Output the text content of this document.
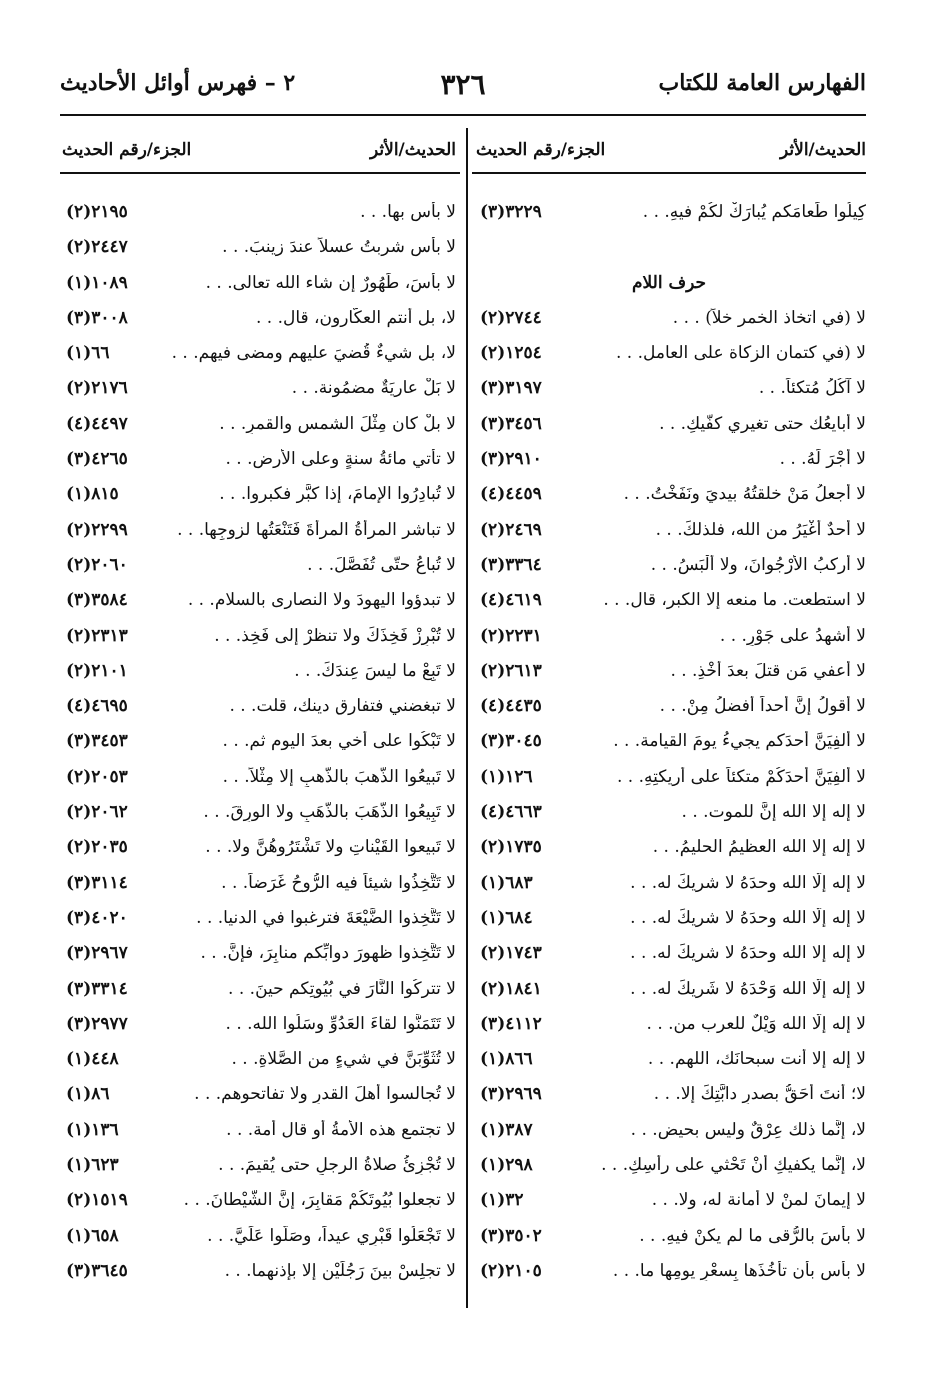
الفهارس العامة للكتاب
٣٢٦
٢ – فهرس أوائل الأحاديث
الحديث/الأثر
الجزء/رقم الحديث
كِيلُوا طَعامَكم يُبارَكْ لكُمْ فيهِ. . .
(٣)٣٢٢٩
حرف اللام
لا (في اتخاذ الخمر خلاً) . . .
(٢)٢٧٤٤
لا (في كتمان الزكاة على العامل. . .
(٢)١٢٥٤
لا آكُلُ مُتكئاً. . .
(٣)٣١٩٧
لا أُبايعُك حتى تغيري كفَّيكِ. . .
(٣)٣٤٥٦
لا أجْرَ لَهُ. . .
(٣)٢٩١٠
لا أجعلُ مَنْ خلقتُهُ بيديَ ونَفَخْتُ. . .
(٤)٤٤٥٩
لا أحدٌ أغْيَرُ من الله، فلذلكَ. . .
(٢)٢٤٦٩
لا أركبُ الأُرْجُوانَ، ولا أَلْبَسُ. . .
(٣)٣٣٦٤
لا استطعت. ما منعه إلا الكبر، قال. . .
(٤)٤٦١٩
لا أشهدُ على جَوْرٍ. . .
(٢)٢٢٣١
لا أُعفي مَن قتلَ بعدَ أخْذِ. . .
(٢)٢٦١٣
لا أقولُ إنَّ أحداً أفضلُ مِنْ. . .
(٤)٤٤٣٥
لا أُلفِيَنَّ أحدَكم يجيءُ يومَ القيامة. . .
(٣)٣٠٤٥
لا أُلفِيَنَّ أحدَكُمْ متكئاً على أريكتِهِ. . .
(١)١٢٦
لا إله إلا الله إنَّ للموت. . .
(٤)٤٦٦٣
لا إله إلا الله العظيمُ الحليمُ. . .
(٢)١٧٣٥
لا إله إلَّا الله وحدَهُ لا شريكَ له. . .
(١)٦٨٣
لا إله إلَّا الله وحدَهُ لا شريكَ له. . .
(١)٦٨٤
لا إله إلا الله وحدَهُ لا شريكَ له. . .
(٢)١٧٤٣
لا إله إلَّا الله وَحْدَهُ لا شَريكَ له. . .
(٢)١٨٤١
لا إله إلَّا الله وَيْلٌ للعرب من. . .
(٣)٤١١٢
لا إله إلا أنت سبحانَك، اللهم. . .
(١)٨٦٦
لا؛ أنتَ أحَقُّ بصدرِ دابَّتِكَ إلا. . .
(٣)٢٩٦٩
لا، إنَّما ذلك عِرْقٌ وليس بحيض. . .
(١)٣٨٧
لا، إنَّما يكفيكِ أنْ تَحْثي على رأسِكِ. . .
(١)٢٩٨
لا إيمانَ لمنْ لا أمانة له، ولا. . .
(١)٣٢
لا بأسَ بالرُّقى ما لم يكنْ فيهِ. . .
(٣)٣٥٠٢
لا بأس بأن تأخُذَها بِسعْرِ يومِها ما. . .
(٢)٢١٠٥
الحديث/الأثر
الجزء/رقم الحديث
لا بأس بها. . .
(٢)٢١٩٥
لا بأس شربتُ عسلاً عندَ زينبَ. . .
(٢)٢٤٤٧
لا بأسَ، طَهُورٌ إن شاء الله تعالى. . .
(١)١٠٨٩
لا، بل أنتم العكّارون، قال. . .
(٣)٣٠٠٨
لا، بل شيءٌ قُضيَ عليهم ومضى فيهم. . .
(١)٦٦
لا بَلْ عاريَةٌ مضمُونة. . .
(٢)٢١٧٦
لا بلْ كان مِثْلَ الشمس والقمرِ. . .
(٤)٤٤٩٧
لا تأتي مائةُ سنةٍ وعلى الأرضِ. . .
(٣)٤٢٦٥
لا تُبادِرُوا الإمامَ، إذا كبَّر فكبروا. . .
(١)٨١٥
لا تباشر المرأةُ المرأةَ فَتَنْعَتُها لزوجِها. . .
(٢)٢٢٩٩
لا تُباعُ حتّى تُفَصَّلَ. . .
(٢)٢٠٦٠
لا تبدؤوا اليهودَ ولا النصارى بالسلام. . .
(٣)٣٥٨٤
لا تُبْرِزْ فَخِذَكَ ولا تنظرْ إلى فَخِذ. . .
(٢)٢٣١٣
لا تَبِعْ ما ليسَ عِندَكَ. . .
(٢)٢١٠١
لا تبغضني فتفارق دينك، قلت. . .
(٤)٤٦٩٥
لا تَبْكُوا على أخي بعدَ اليوم ثم. . .
(٣)٣٤٥٣
لا تَبيعُوا الذَّهبَ بالذَّهبِ إلا مِثْلاً. . .
(٢)٢٠٥٣
لا تَبِيعُوا الذَّهَبَ بالذَّهَبِ ولا الورِقَ. . .
(٢)٢٠٦٢
لا تَبيعوا القَيْناتِ ولا تَشْتَرُوهُنَّ ولا. . .
(٢)٢٠٣٥
لا تَتَّخِذُوا شيئاً فيه الرُّوحُ غَرَضاً. . .
(٣)٣١١٤
لا تَتَّخِذوا الضَّيْعَةَ فترغبوا في الدنيا. . .
(٣)٤٠٢٠
لا تَتَّخِذوا ظهورَ دوابِّكم منابِرَ، فإنَّ. . .
(٣)٢٩٦٧
لا تتركُوا النَّارَ في بُيُوتِكم حينَ. . .
(٣)٣٣١٤
لا تَتَمَنَّوا لقاءَ العَدُوِّ وسَلُوا الله. . .
(٣)٢٩٧٧
لا تُثَوِّبَنَّ في شيءٍ من الصَّلاةِ. . .
(١)٤٤٨
لا تُجالسوا أهلَ القدرِ ولا تفاتحوهم. . .
(١)٨٦
لا تجتمع هذه الأمةُ أو قال أمة. . .
(١)١٣٦
لا تُجْزِئُ صلاةُ الرجلِ حتى يُقيمَ. . .
(١)٦٢٣
لا تجعلوا بُيُوتَكُمْ مَقابِرَ، إنَّ الشَّيْطانَ. . .
(٢)١٥١٩
لا تَجْعَلُوا قَبْرِي عيداً، وصَلُّوا عَلَيَّ. . .
(١)٦٥٨
لا تجلِسْ بينَ رَجُلَيْنِ إلا بإذنهما. . .
(٣)٣٦٤٥
